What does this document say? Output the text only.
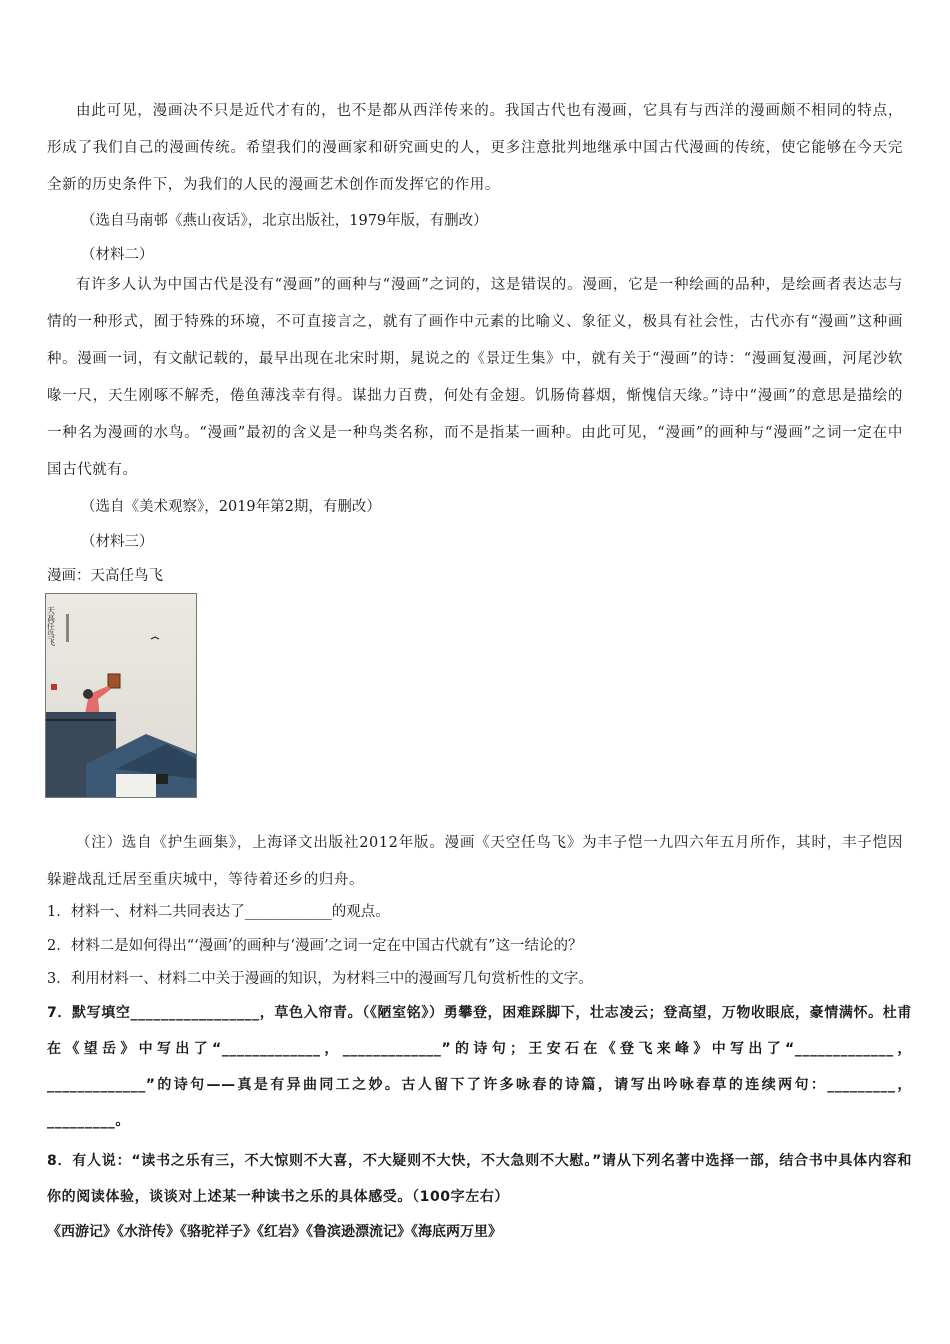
由此可见，漫画决不只是近代才有的，也不是都从西洋传来的。我国古代也有漫画，它具有与西洋的漫画颇不相同的特点，形成了我们自己的漫画传统。希望我们的漫画家和研究画史的人，更多注意批判地继承中国古代漫画的传统，使它能够在今天完全新的历史条件下，为我们的人民的漫画艺术创作而发挥它的作用。

（选自马南邨《燕山夜话》，北京出版社，1979年版，有删改）

（材料二）

有许多人认为中国古代是没有“漫画”的画种与“漫画”之词的，这是错误的。漫画，它是一种绘画的品种，是绘画者表达志与情的一种形式，囿于特殊的环境，不可直接言之，就有了画作中元素的比喻义、象征义，极具有社会性，古代亦有“漫画”这种画种。漫画一词，有文献记载的，最早出现在北宋时期，晁说之的《景迂生集》中，就有关于“漫画”的诗：“漫画复漫画，河尾沙软喙一尺，天生刚啄不解禿，倦鱼薄浅幸有得。谋拙力百费，何处有金翅。饥肠倚暮烟，惭愧信天缘。”诗中“漫画”的意思是描绘的一种名为漫画的水鸟。“漫画”最初的含义是一种鸟类名称，而不是指某一画种。由此可见，“漫画”的画种与“漫画”之词一定在中国古代就有。

（选自《美术观察》，2019年第2期，有删改）

（材料三）

漫画：天高任鸟飞

天高任鸟飞

（注）选自《护生画集》，上海译文出版社2012年版。漫画《天空任鸟飞》为丰子恺一九四六年五月所作，其时，丰子恺因躲避战乱迁居至重庆城中，等待着还乡的归舟。

1．材料一、材料二共同表达了____________的观点。

2．材料二是如何得出“‘漫画’的画种与‘漫画’之词一定在中国古代就有”这一结论的？

3．利用材料一、材料二中关于漫画的知识，为材料三中的漫画写几句赏析性的文字。

7．默写填空_________________，草色入帘青。（《陋室铭》）勇攀登，困难踩脚下，壮志凌云；登高望，万物收眼底，豪情满怀。杜甫在《望岳》中写出了“_____________，_____________”的诗句；王安石在《登飞来峰》中写出了“_____________，_____________”的诗句——真是有异曲同工之妙。古人留下了许多咏春的诗篇，请写出吟咏春草的连续两句：_________，_________。

8．有人说：“读书之乐有三，不大惊则不大喜，不大疑则不大快，不大急则不大慰。”请从下列名著中选择一部，结合书中具体内容和你的阅读体验，谈谈对上述某一种读书之乐的具体感受。（100字左右）

《西游记》《水浒传》《骆驼祥子》《红岩》《鲁滨逊漂流记》《海底两万里》
